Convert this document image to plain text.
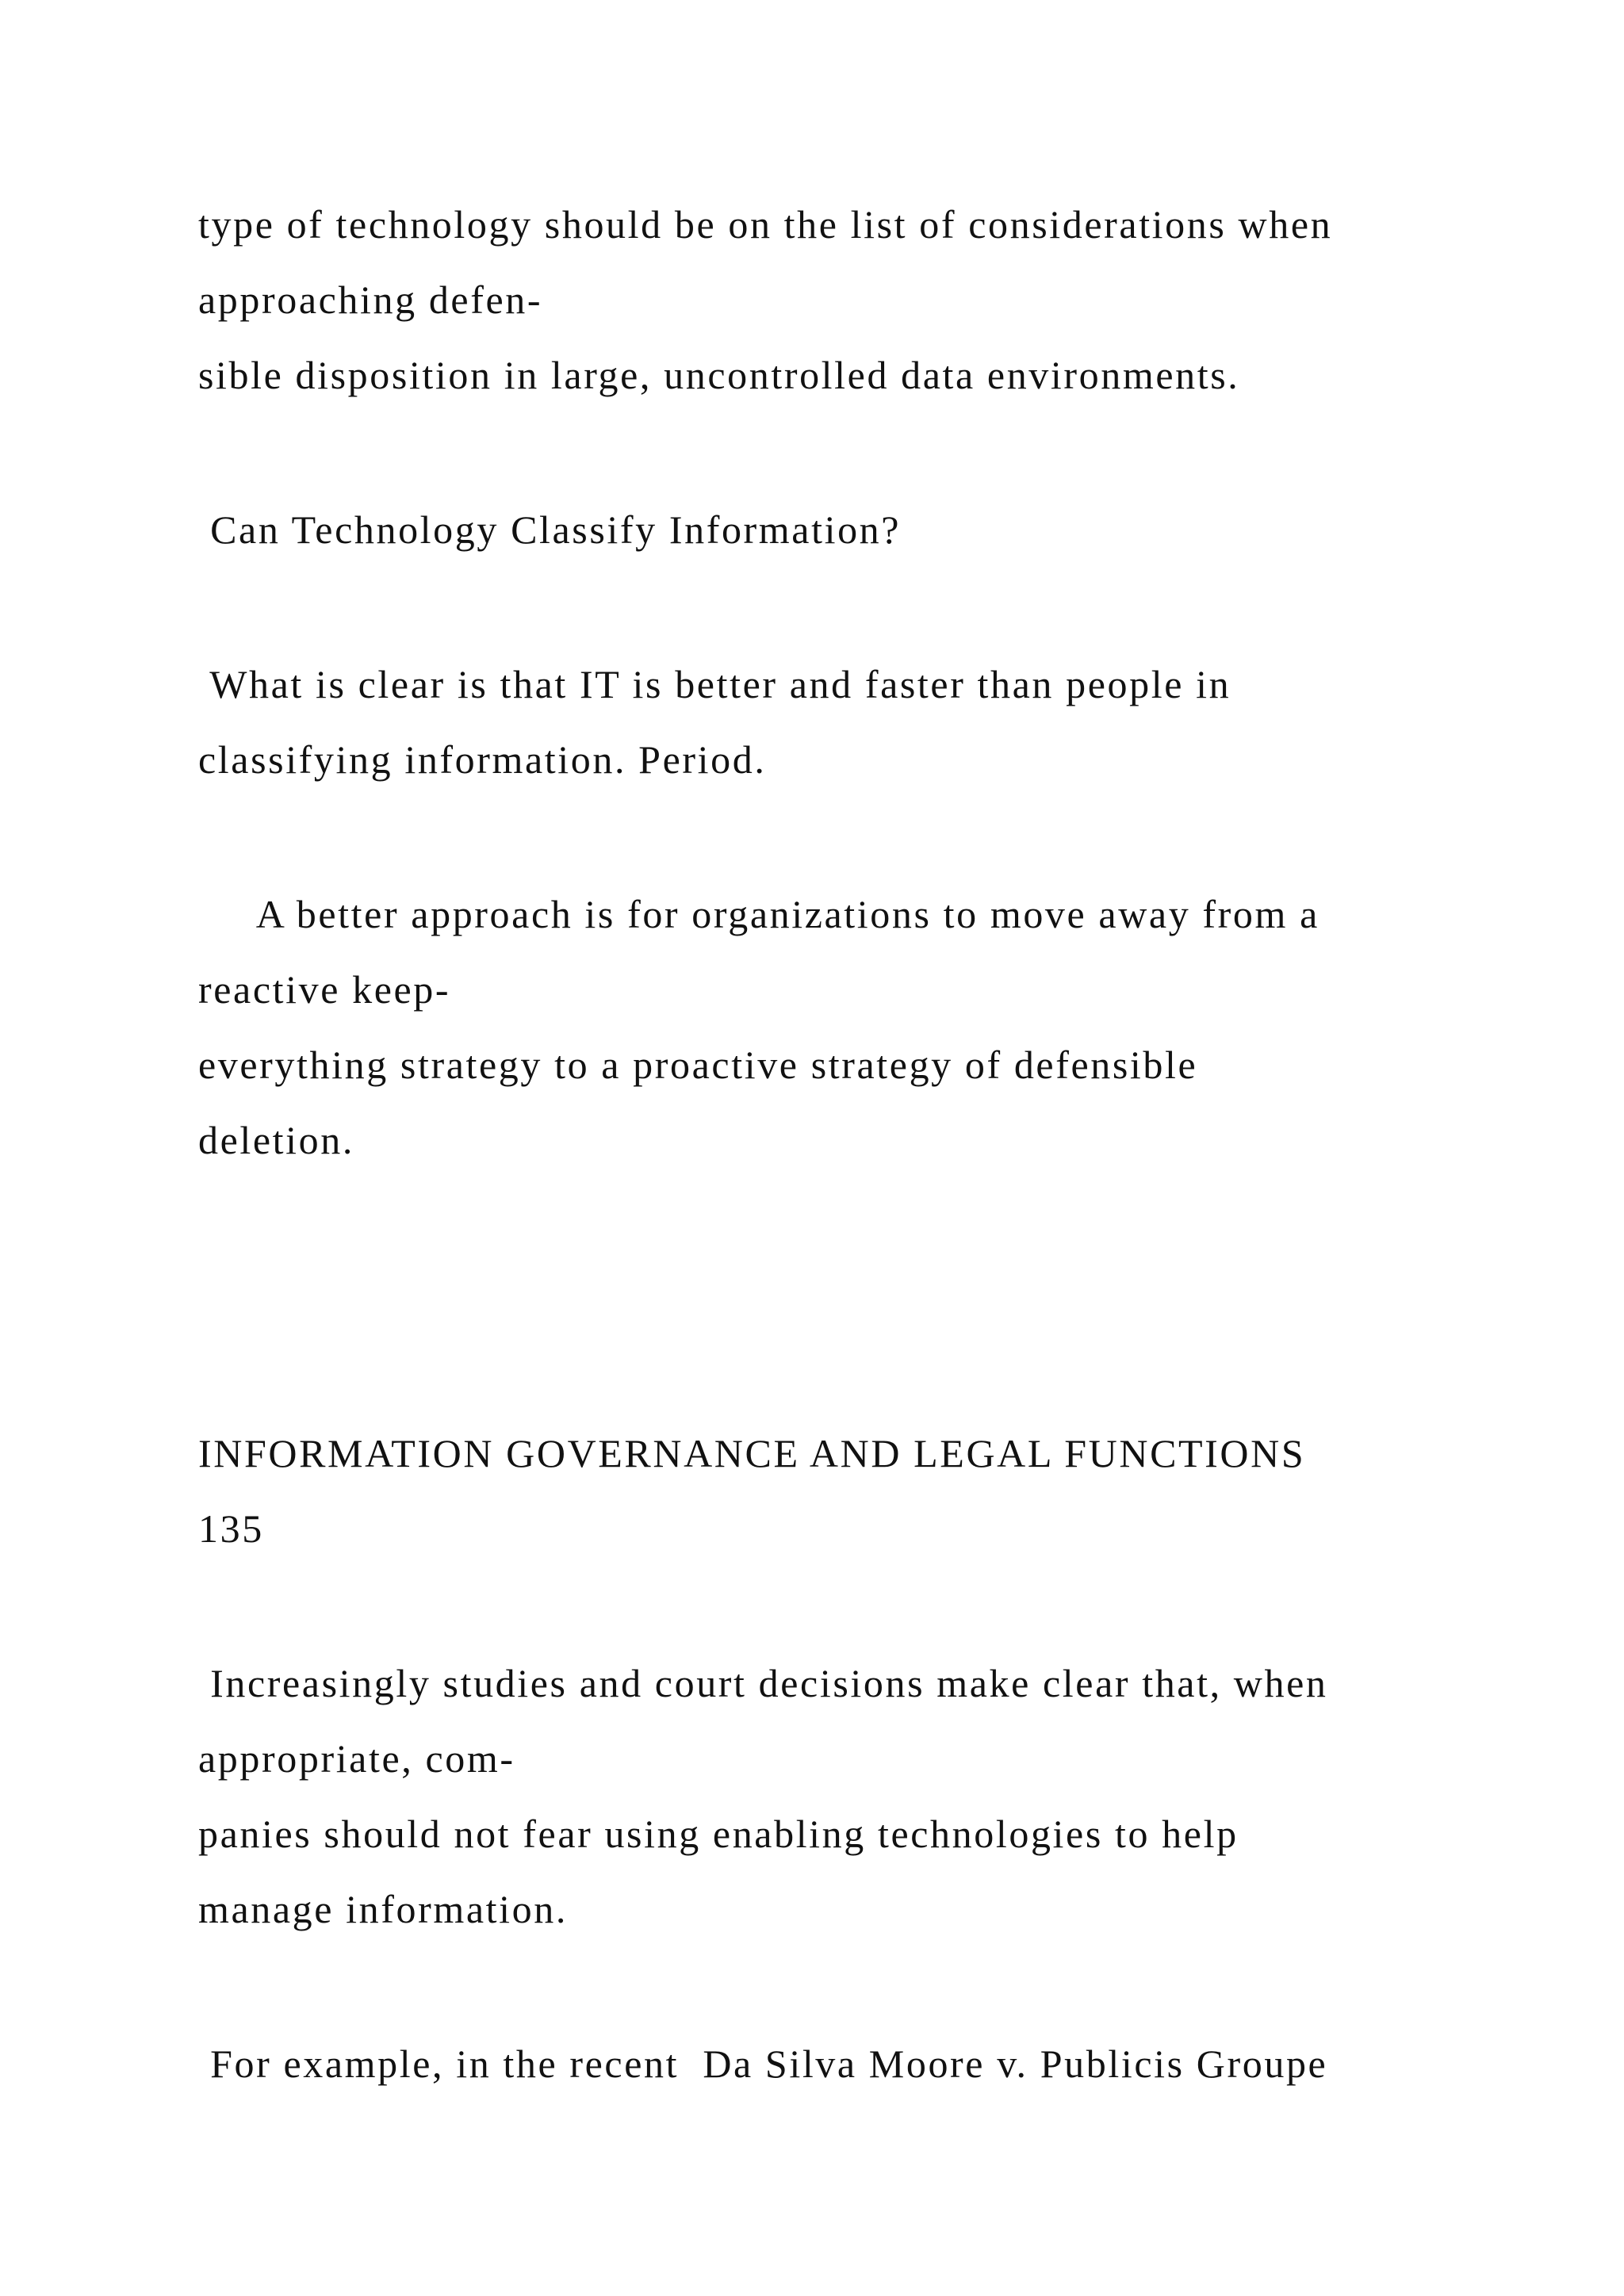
type of technology should be on the list of considerations when

approaching defen-

sible disposition in large, uncontrolled data environments.

Can Technology Classify Information?

What is clear is that IT is better and faster than people in

classifying information. Period.

A better approach is for organizations to move away from a

reactive keep-

everything strategy to a proactive strategy of defensible

deletion.

INFORMATION GOVERNANCE AND LEGAL FUNCTIONS

135

Increasingly studies and court decisions make clear that, when

appropriate, com-

panies should not fear using enabling technologies to help

manage information.

For example, in the recent  Da Silva Moore v. Publicis Groupe
